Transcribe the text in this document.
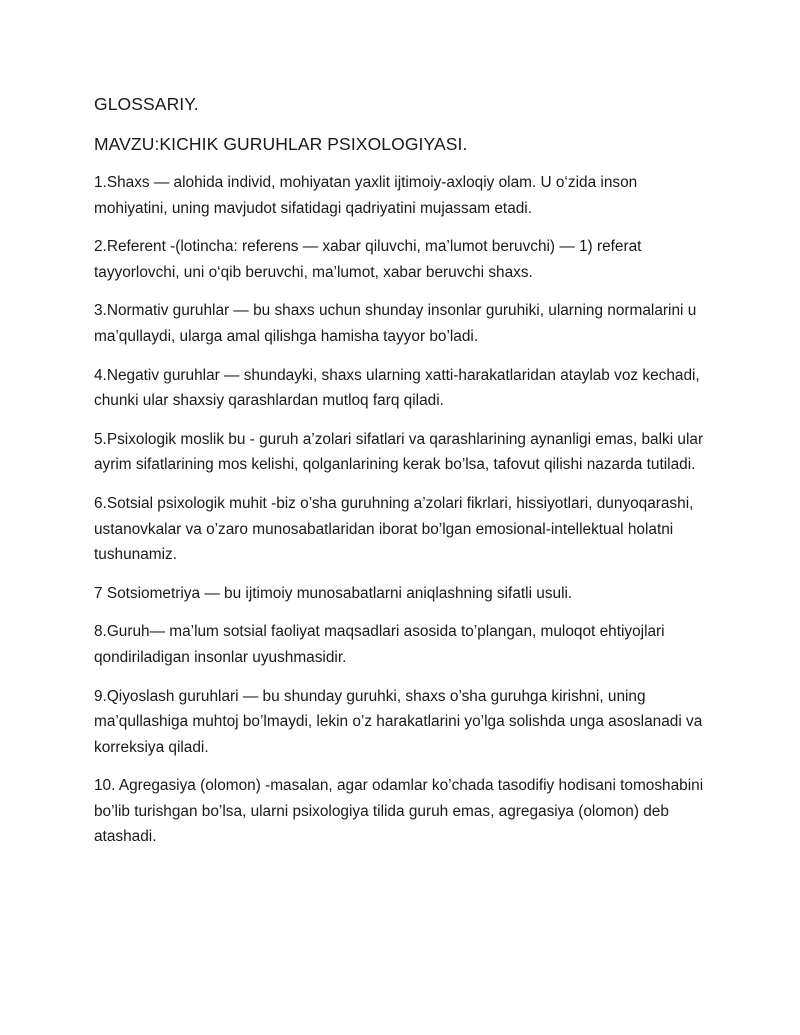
GLOSSARIY.

MAVZU:KICHIK GURUHLAR PSIXOLOGIYASI.

1.Shaxs — alohida individ, mohiyatan yaxlit ijtimoiy-axloqiy olam. U o‘zida inson mohiyatini, uning mavjudot sifatidagi qadriyatini mujassam etadi.

2.Referent -(lotincha: referens — xabar qiluvchi, ma’lumot beruvchi) — 1) referat tayyorlovchi, uni o‘qib beruvchi, ma’lumot, xabar beruvchi shaxs.

3.Normativ guruhlar — bu shaxs uchun shunday insonlar guruhiki, ularning normalarini u ma’qullaydi, ularga amal qilishga hamisha tayyor bo’ladi.

4.Negativ guruhlar — shundayki, shaxs ularning xatti-harakatlaridan ataylab voz kechadi, chunki ular shaxsiy qarashlardan mutloq farq qiladi.

5.Psixologik moslik bu - guruh a’zolari sifatlari va qarashlarining aynanligi emas, balki ular ayrim sifatlarining mos kelishi, qolganlarining kerak bo’lsa, tafovut qilishi nazarda tutiladi.

6.Sotsial psixologik muhit -biz o’sha guruhning a’zolari fikrlari, hissiyotlari, dunyoqarashi, ustanovkalar va o’zaro munosabatlaridan iborat bo’lgan emosional-intellektual holatni tushunamiz.

7 Sotsiometriya — bu ijtimoiy munosabatlarni aniqlashning sifatli usuli.

8.Guruh— ma’lum sotsial faoliyat maqsadlari asosida to’plangan, muloqot ehtiyojlari qondiriladigan insonlar uyushmasidir.

9.Qiyoslash guruhlari — bu shunday guruhki, shaxs o’sha guruhga kirishni, uning ma’qullashiga muhtoj bo’lmaydi, lekin o’z harakatlarini yo’lga solishda unga asoslanadi va korreksiya qiladi.

10. Agregasiya (olomon) -masalan, agar odamlar ko’chada tasodifiy hodisani tomoshabini bo’lib turishgan bo’lsa, ularni psixologiya tilida guruh emas, agregasiya (olomon) deb atashadi.
